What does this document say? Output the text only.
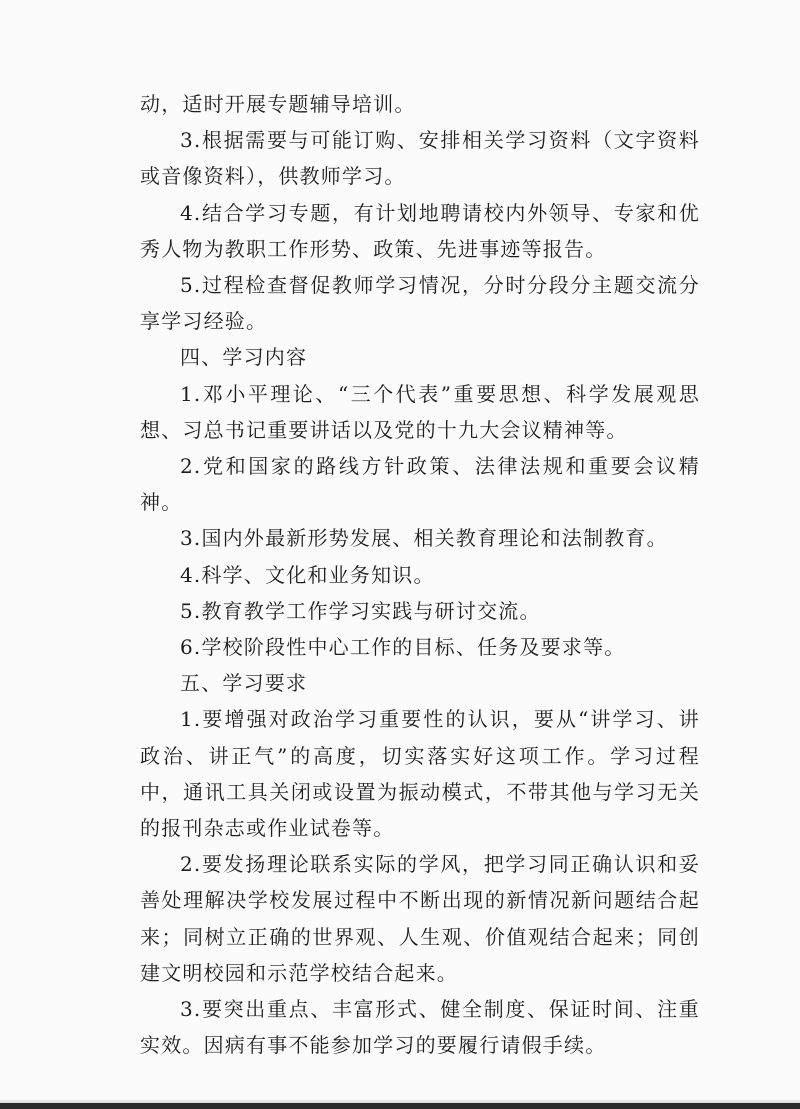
动，适时开展专题辅导培训。

3.根据需要与可能订购、安排相关学习资料（文字资料或音像资料），供教师学习。

4.结合学习专题，有计划地聘请校内外领导、专家和优秀人物为教职工作形势、政策、先进事迹等报告。

5.过程检查督促教师学习情况，分时分段分主题交流分享学习经验。

四、学习内容

1.邓小平理论、“三个代表”重要思想、科学发展观思想、习总书记重要讲话以及党的十九大会议精神等。

2.党和国家的路线方针政策、法律法规和重要会议精神。

3.国内外最新形势发展、相关教育理论和法制教育。

4.科学、文化和业务知识。

5.教育教学工作学习实践与研讨交流。

6.学校阶段性中心工作的目标、任务及要求等。

五、学习要求

1.要增强对政治学习重要性的认识，要从“讲学习、讲政治、讲正气”的高度，切实落实好这项工作。学习过程中，通讯工具关闭或设置为振动模式，不带其他与学习无关的报刊杂志或作业试卷等。

2.要发扬理论联系实际的学风，把学习同正确认识和妥善处理解决学校发展过程中不断出现的新情况新问题结合起来；同树立正确的世界观、人生观、价值观结合起来；同创建文明校园和示范学校结合起来。

3.要突出重点、丰富形式、健全制度、保证时间、注重实效。因病有事不能参加学习的要履行请假手续。
